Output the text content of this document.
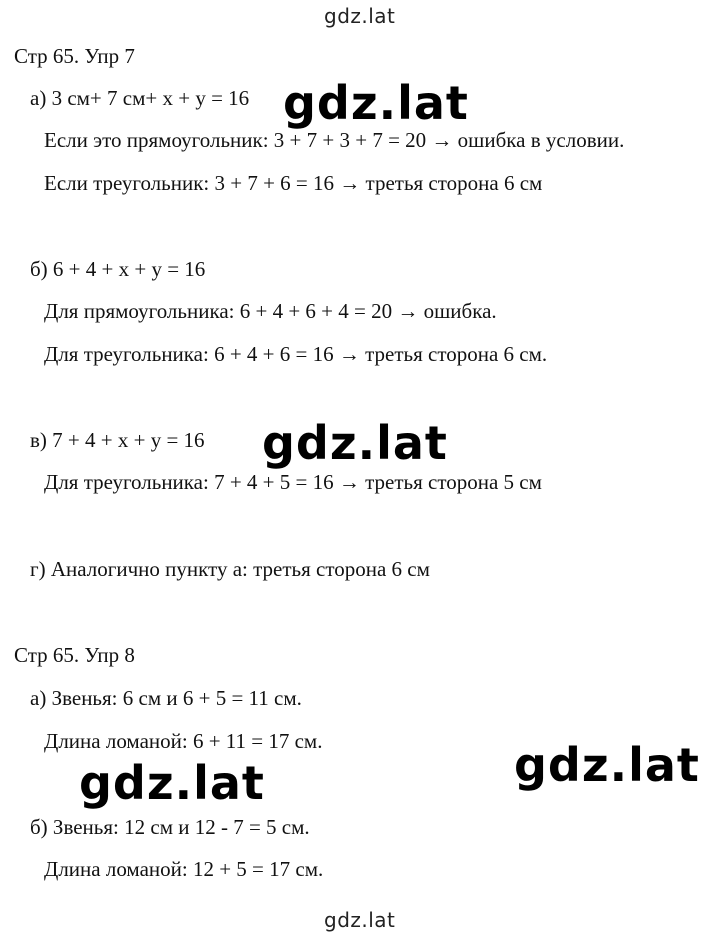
gdz.lat
Стр 65. Упр 7
а) 3 см+ 7 см+ x + y = 16 gdz.lat
Если это прямоугольник: 3 + 7 + 3 + 7 = 20 → ошибка в условии.
Если треугольник: 3 + 7 + 6 = 16 → третья сторона 6 см
б) 6 + 4 + x + y = 16
Для прямоугольника: 6 + 4 + 6 + 4 = 20 → ошибка.
Для треугольника: 6 + 4 + 6 = 16 → третья сторона 6 см.
в) 7 + 4 + x + y = 16 gdz.lat
Для треугольника: 7 + 4 + 5 = 16 → третья сторона 5 см
г) Аналогично пункту а: третья сторона 6 см
Стр 65. Упр 8
а) Звенья: 6 см и 6 + 5 = 11 см.
Длина ломаной: 6 + 11 = 17 см.	gdz.lat
gdz.lat
б) Звенья: 12 см и 12 - 7 = 5 см.
Длина ломаной: 12 + 5 = 17 см.
gdz.lat
